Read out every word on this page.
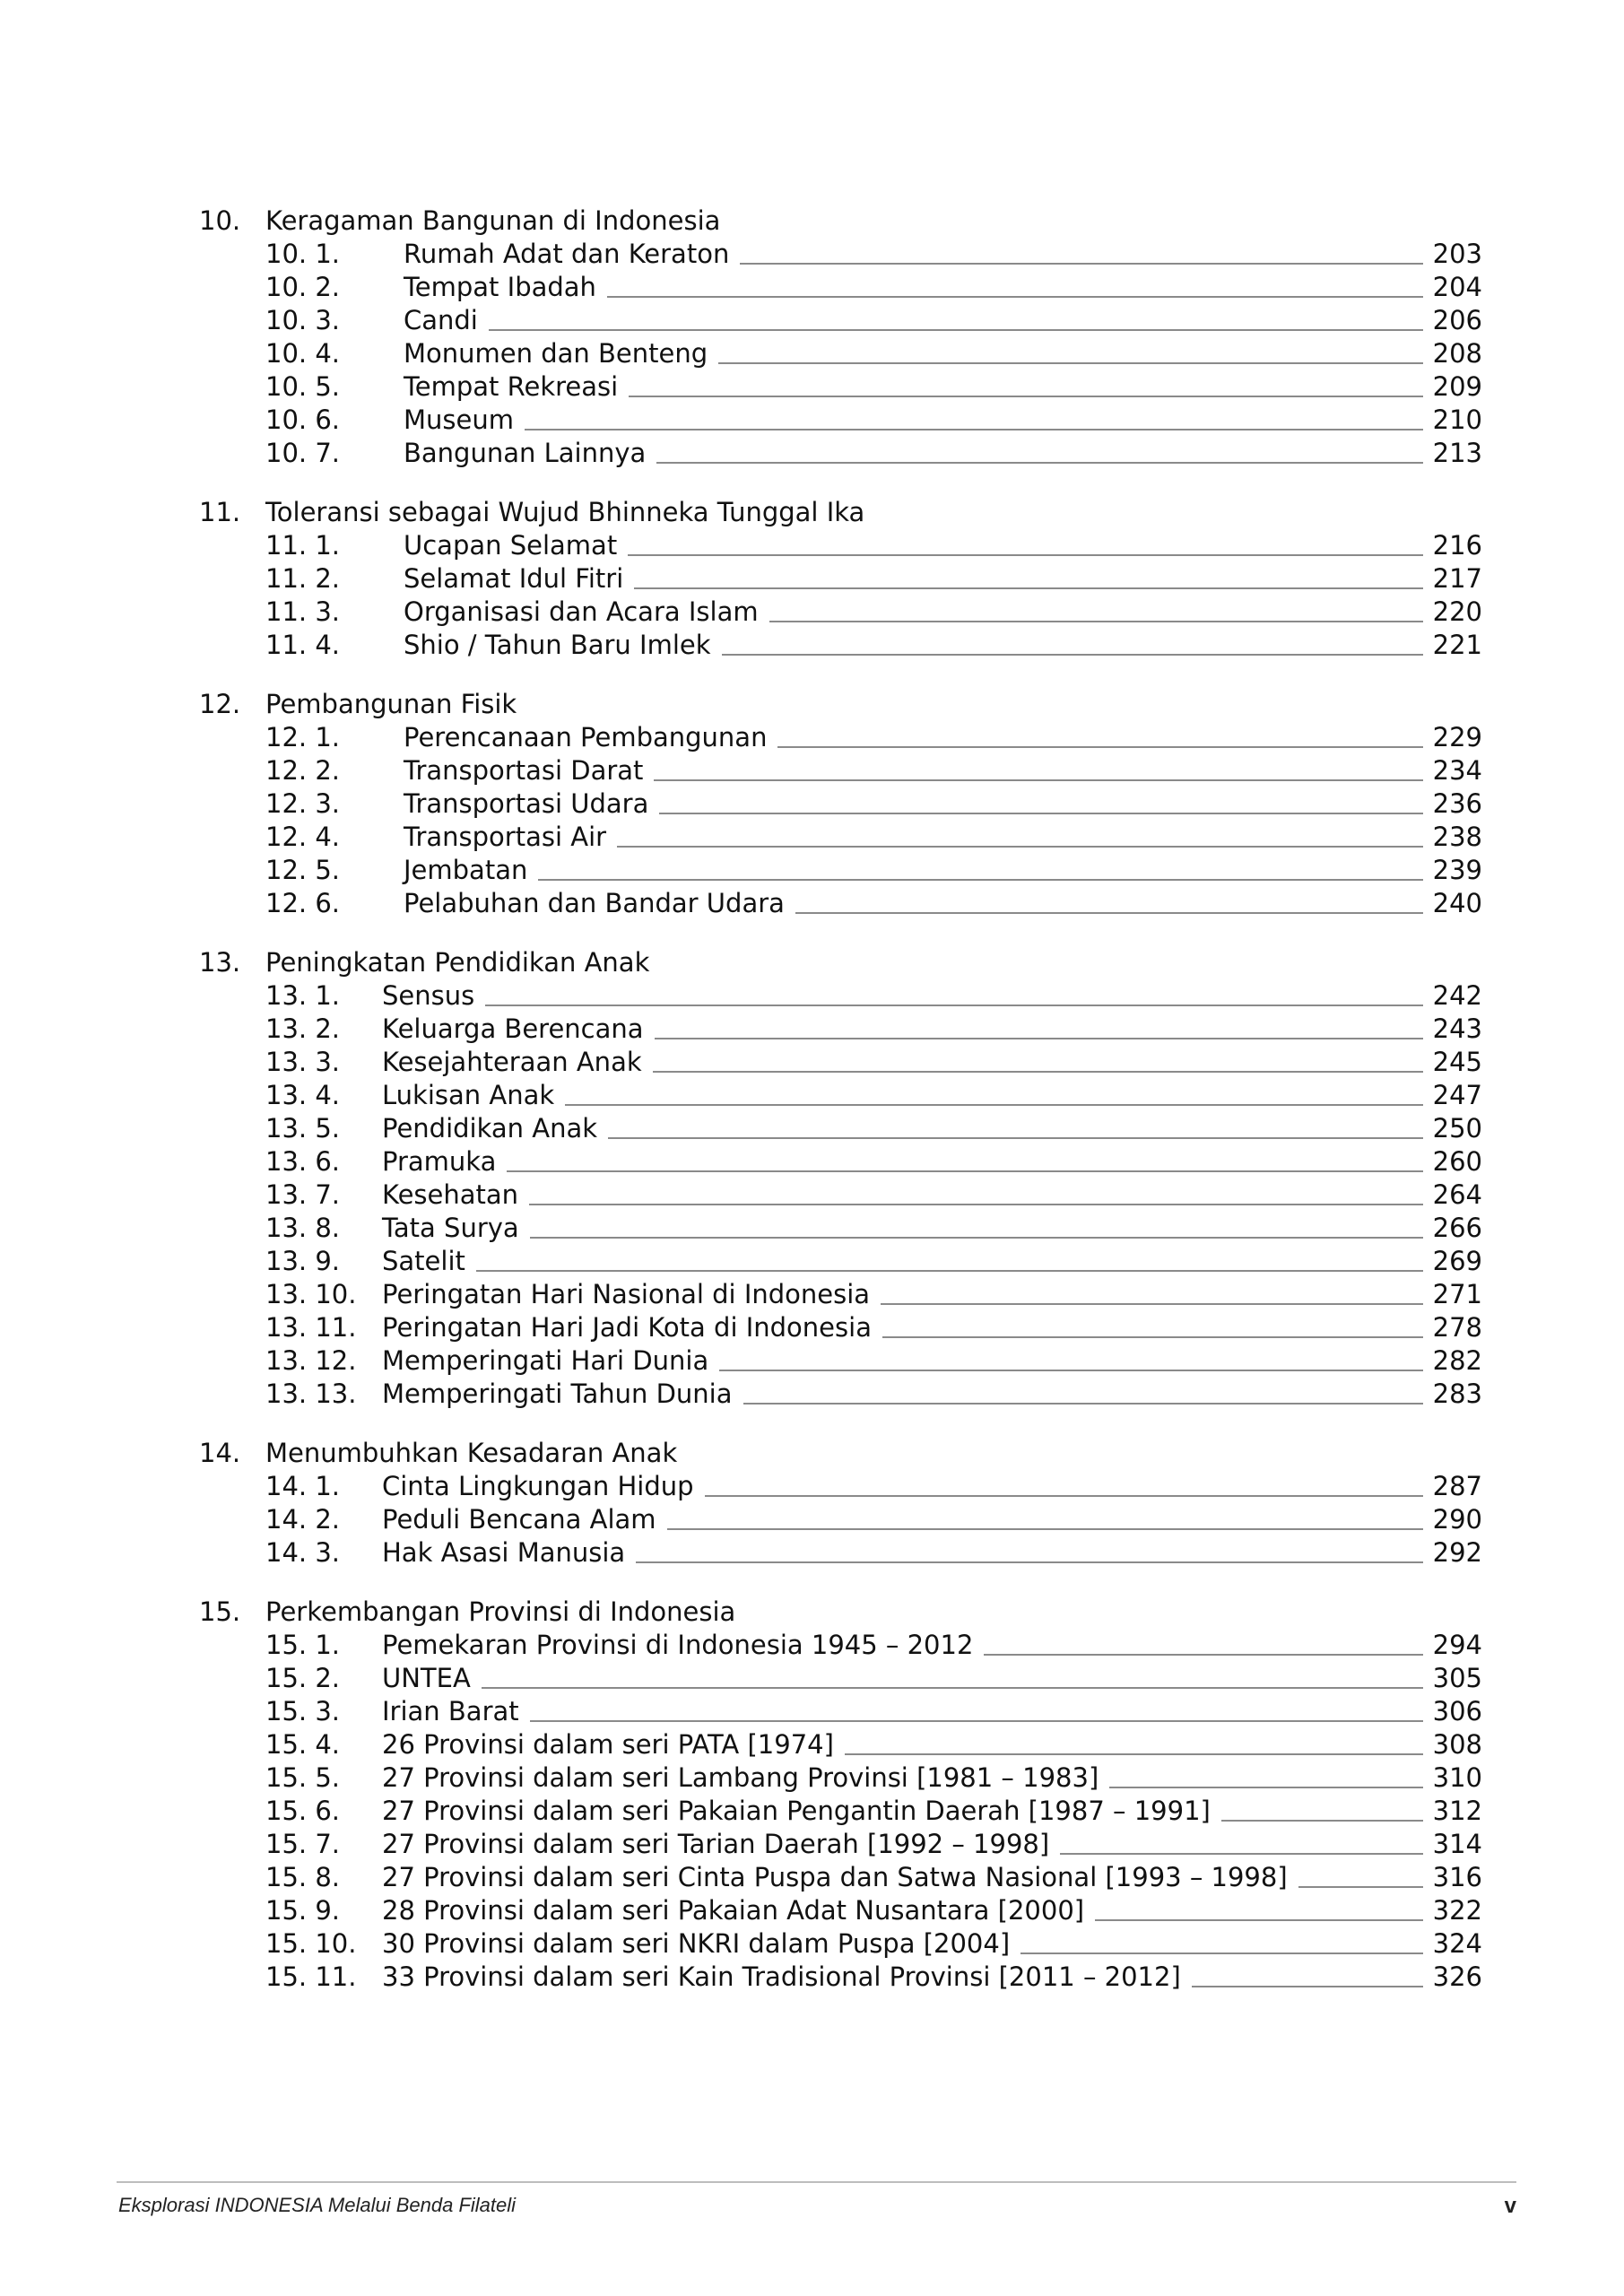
10. Keragaman Bangunan di Indonesia
10. 1. Rumah Adat dan Keraton	203
10. 2. Tempat Ibadah	204
10. 3. Candi	206
10. 4. Monumen dan Benteng	208
10. 5. Tempat Rekreasi	209
10. 6. Museum	210
10. 7. Bangunan Lainnya	213
11. Toleransi sebagai Wujud Bhinneka Tunggal Ika
11. 1. Ucapan Selamat	216
11. 2. Selamat Idul Fitri	217
11. 3. Organisasi dan Acara Islam	220
11. 4. Shio / Tahun Baru Imlek	221
12. Pembangunan Fisik
12. 1. Perencanaan Pembangunan	229
12. 2. Transportasi Darat	234
12. 3. Transportasi Udara	236
12. 4. Transportasi Air	238
12. 5. Jembatan	239
12. 6. Pelabuhan dan Bandar Udara	240
13. Peningkatan Pendidikan Anak
13. 1. Sensus	242
13. 2. Keluarga Berencana	243
13. 3. Kesejahteraan Anak	245
13. 4. Lukisan Anak	247
13. 5. Pendidikan Anak	250
13. 6. Pramuka	260
13. 7. Kesehatan	264
13. 8. Tata Surya	266
13. 9. Satelit	269
13. 10. Peringatan Hari Nasional di Indonesia	271
13. 11. Peringatan Hari Jadi Kota di Indonesia	278
13. 12. Memperingati Hari Dunia	282
13. 13. Memperingati Tahun Dunia	283
14. Menumbuhkan Kesadaran Anak
14. 1. Cinta Lingkungan Hidup	287
14. 2. Peduli Bencana Alam	290
14. 3. Hak Asasi Manusia	292
15. Perkembangan Provinsi di Indonesia
15. 1. Pemekaran Provinsi di Indonesia 1945 – 2012	294
15. 2. UNTEA	305
15. 3. Irian Barat	306
15. 4. 26 Provinsi dalam seri PATA [1974]	308
15. 5. 27 Provinsi dalam seri Lambang Provinsi [1981 – 1983]	310
15. 6. 27 Provinsi dalam seri Pakaian Pengantin Daerah [1987 – 1991]	312
15. 7. 27 Provinsi dalam seri Tarian Daerah [1992 – 1998]	314
15. 8. 27 Provinsi dalam seri Cinta Puspa dan Satwa Nasional [1993 – 1998]	316
15. 9. 28 Provinsi dalam seri Pakaian Adat Nusantara [2000]	322
15. 10. 30 Provinsi dalam seri NKRI dalam Puspa [2004]	324
15. 11. 33 Provinsi dalam seri Kain Tradisional Provinsi [2011 – 2012]	326
Eksplorasi INDONESIA Melalui Benda Filateli	v
